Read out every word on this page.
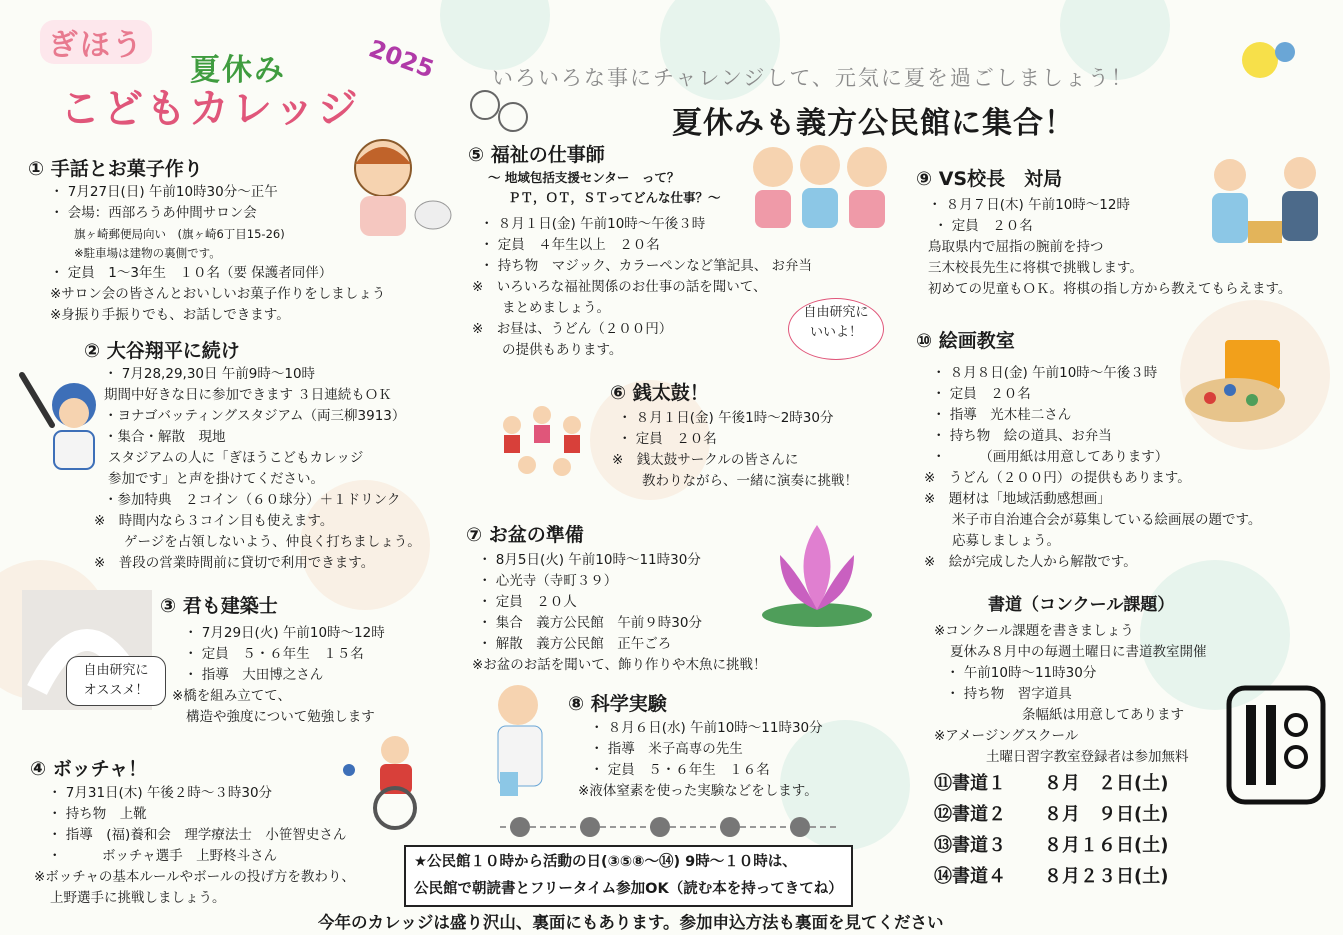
ぎほう
夏休み	2025
こどもカレッジ
いろいろな事にチャレンジして、元気に夏を過ごしましょう！
夏休みも義方公民館に集合！
① 手話とお菓子作り
・ 7月27日(日) 午前10時30分～正午
・ 会場：西部ろうあ仲間サロン会
旗ヶ崎郵便局向い　(旗ヶ崎6丁目15-26)
※駐車場は建物の裏側です。
・ 定員　1～3年生　１０名（要 保護者同伴）
※サロン会の皆さんとおいしいお菓子作りをしましょう
※身振り手振りでも、お話しできます。
② 大谷翔平に続け
・ 7月28,29,30日 午前9時～10時
期間中好きな日に参加できます ３日連続もＯＫ
・ヨナゴバッティングスタジアム（両三柳3913）
・集合・解散　現地
スタジアムの人に「ぎほうこどもカレッジ
参加です」と声を掛けてください。
・参加特典　２コイン（６０球分）＋１ドリンク
※　時間内なら３コイン目も使えます。
ゲージを占領しないよう、仲良く打ちましょう。
※　普段の営業時間前に貸切で利用できます。
③ 君も建築士
・ 7月29日(火) 午前10時～12時
・ 定員　５・６年生　１５名
・ 指導　大田博之さん
※橋を組み立てて、
構造や強度について勉強します
自由研究に
オススメ！
④ ボッチャ！
・ 7月31日(木) 午後２時～３時30分
・ 持ち物　上靴
・ 指導　(福)養和会　理学療法士　小笹智史さん
・　　　ボッチャ選手　上野柊斗さん
※ボッチャの基本ルールやボールの投げ方を教わり、
上野選手に挑戦しましょう。
⑤ 福祉の仕事師
～ 地域包括支援センター　って？
ＰＴ，ＯＴ，ＳＴってどんな仕事？～
・ ８月１日(金) 午前10時～午後３時
・ 定員　４年生以上　２０名
・ 持ち物　マジック、カラーペンなど筆記具、 お弁当
※　いろいろな福祉関係のお仕事の話を聞いて、
まとめましょう。
※　お昼は、うどん（２００円）
の提供もあります。
自由研究に
いいよ！
⑥ 銭太鼓！
・ ８月１日(金) 午後1時～2時30分
・ 定員　２０名
※　銭太鼓サークルの皆さんに
教わりながら、一緒に演奏に挑戦！
⑦ お盆の準備
・ 8月5日(火) 午前10時～11時30分
・ 心光寺（寺町３９）
・ 定員　２０人
・ 集合　義方公民館　午前９時30分
・ 解散　義方公民館　正午ごろ
※お盆のお話を聞いて、飾り作りや木魚に挑戦！
⑧ 科学実験
・ ８月６日(水) 午前10時～11時30分
・ 指導　米子高専の先生
・ 定員　５・６年生　１６名
※液体窒素を使った実験などをします。
⑨ VS校長　対局
・ ８月７日(木) 午前10時～12時
・ 定員　２０名
鳥取県内で屈指の腕前を持つ
三木校長先生に将棋で挑戦します。
初めての児童もＯＫ。将棋の指し方から教えてもらえます。
⑩ 絵画教室
・ ８月８日(金) 午前10時～午後３時
・ 定員　２０名
・ 指導　光木桂二さん
・ 持ち物　絵の道具、お弁当
・　　　（画用紙は用意してあります）
※　うどん（２００円）の提供もあります。
※　題材は「地域活動感想画」
米子市自治連合会が募集している絵画展の題です。
応募しましょう。
※　絵が完成した人から解散です。
書道（コンクール課題）
※コンクール課題を書きましょう
夏休み８月中の毎週土曜日に書道教室開催
・ 午前10時～11時30分
・ 持ち物　習字道具
条幅紙は用意してあります
※アメージングスクール
土曜日習字教室登録者は参加無料
⑪書道１ ８月　２日(土)
⑫書道２ ８月　９日(土)
⑬書道３ ８月１６日(土)
⑭書道４ ８月２３日(土)
★公民館１０時から活動の日(③⑤⑧～⑭) 9時～１０時は、
公民館で朝読書とフリータイム参加OK（読む本を持ってきてね）
今年のカレッジは盛り沢山、裏面にもあります。参加申込方法も裏面を見てください
